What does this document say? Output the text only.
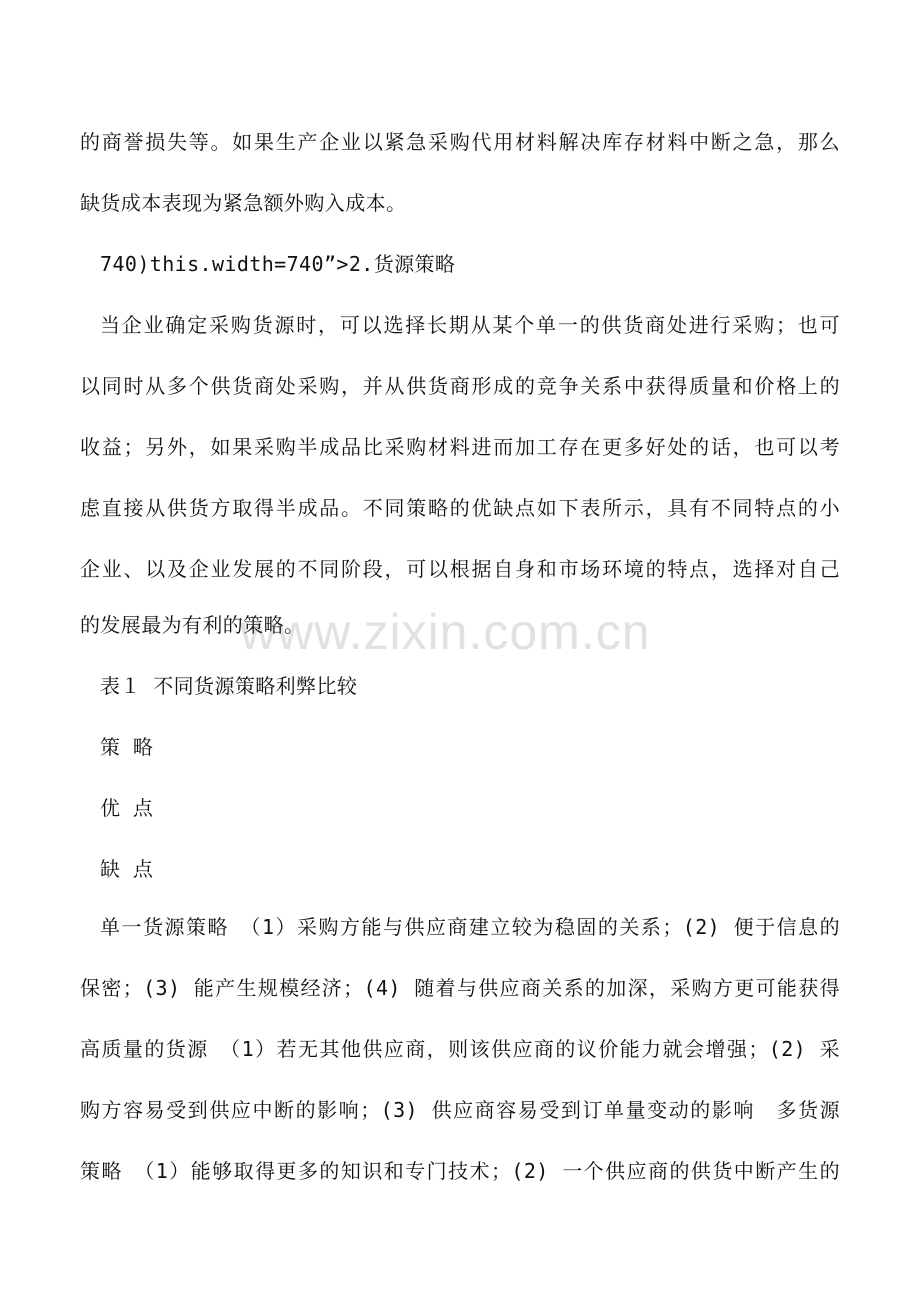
www.zixin.com.cn
的商誉损失等。如果生产企业以紧急采购代用材料解决库存材料中断之急，那么
缺货成本表现为紧急额外购入成本。
740)this.width=740”>2.货源策略
当企业确定采购货源时，可以选择长期从某个单一的供货商处进行采购；也可
以同时从多个供货商处采购，并从供货商形成的竞争关系中获得质量和价格上的
收益；另外，如果采购半成品比采购材料进而加工存在更多好处的话，也可以考
虑直接从供货方取得半成品。不同策略的优缺点如下表所示，具有不同特点的小
企业、以及企业发展的不同阶段，可以根据自身和市场环境的特点，选择对自己
的发展最为有利的策略。
表１ 不同货源策略利弊比较
策 略
优 点
缺 点
单一货源策略　（1）采购方能与供应商建立较为稳固的关系；(2) 便于信息的
保密；(3) 能产生规模经济；(4) 随着与供应商关系的加深，采购方更可能获得
高质量的货源　（1）若无其他供应商，则该供应商的议价能力就会增强；(2) 采
购方容易受到供应中断的影响；(3) 供应商容易受到订单量变动的影响　多货源
策略　（1）能够取得更多的知识和专门技术；(2) 一个供应商的供货中断产生的
